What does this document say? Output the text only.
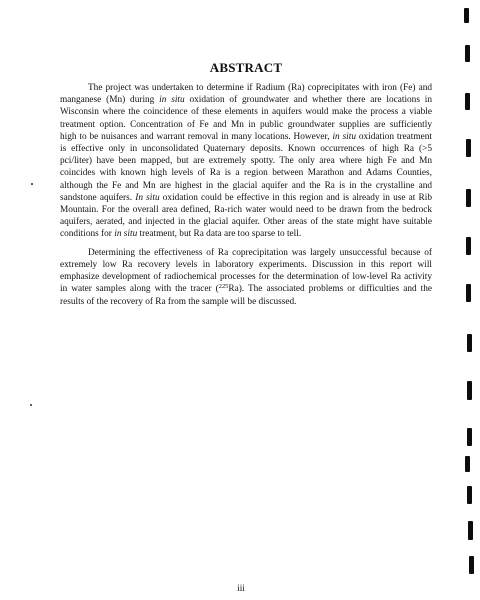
ABSTRACT
The project was undertaken to determine if Radium (Ra) coprecipitates with iron (Fe) and
manganese (Mn) during in situ oxidation of groundwater and whether there are locations in
Wisconsin where the coincidence of these elements in aquifers would make the process a viable
treatment option. Concentration of Fe and Mn in public groundwater supplies are sufficiently
high to be nuisances and warrant removal in many locations. However, in situ oxidation treatment
is effective only in unconsolidated Quaternary deposits. Known occurrences of high Ra (>5
pci/liter) have been mapped, but are extremely spotty. The only area where high Fe and Mn
coincides with known high levels of Ra is a region between Marathon and Adams Counties,
although the Fe and Mn are highest in the glacial aquifer and the Ra is in the crystalline and
sandstone aquifers. In situ oxidation could be effective in this region and is already in use at Rib
Mountain. For the overall area defined, Ra-rich water would need to be drawn from the bedrock
aquifers, aerated, and injected in the glacial aquifer. Other areas of the state might have suitable
conditions for in situ treatment, but Ra data are too sparse to tell.
Determining the effectiveness of Ra coprecipitation was largely unsuccessful because of
extremely low Ra recovery levels in laboratory experiments. Discussion in this report will
emphasize development of radiochemical processes for the determination of low-level Ra activity
in water samples along with the tracer ($^{225}$Ra). The associated problems or difficulties and the
results of the recovery of Ra from the sample will be discussed.
iii
